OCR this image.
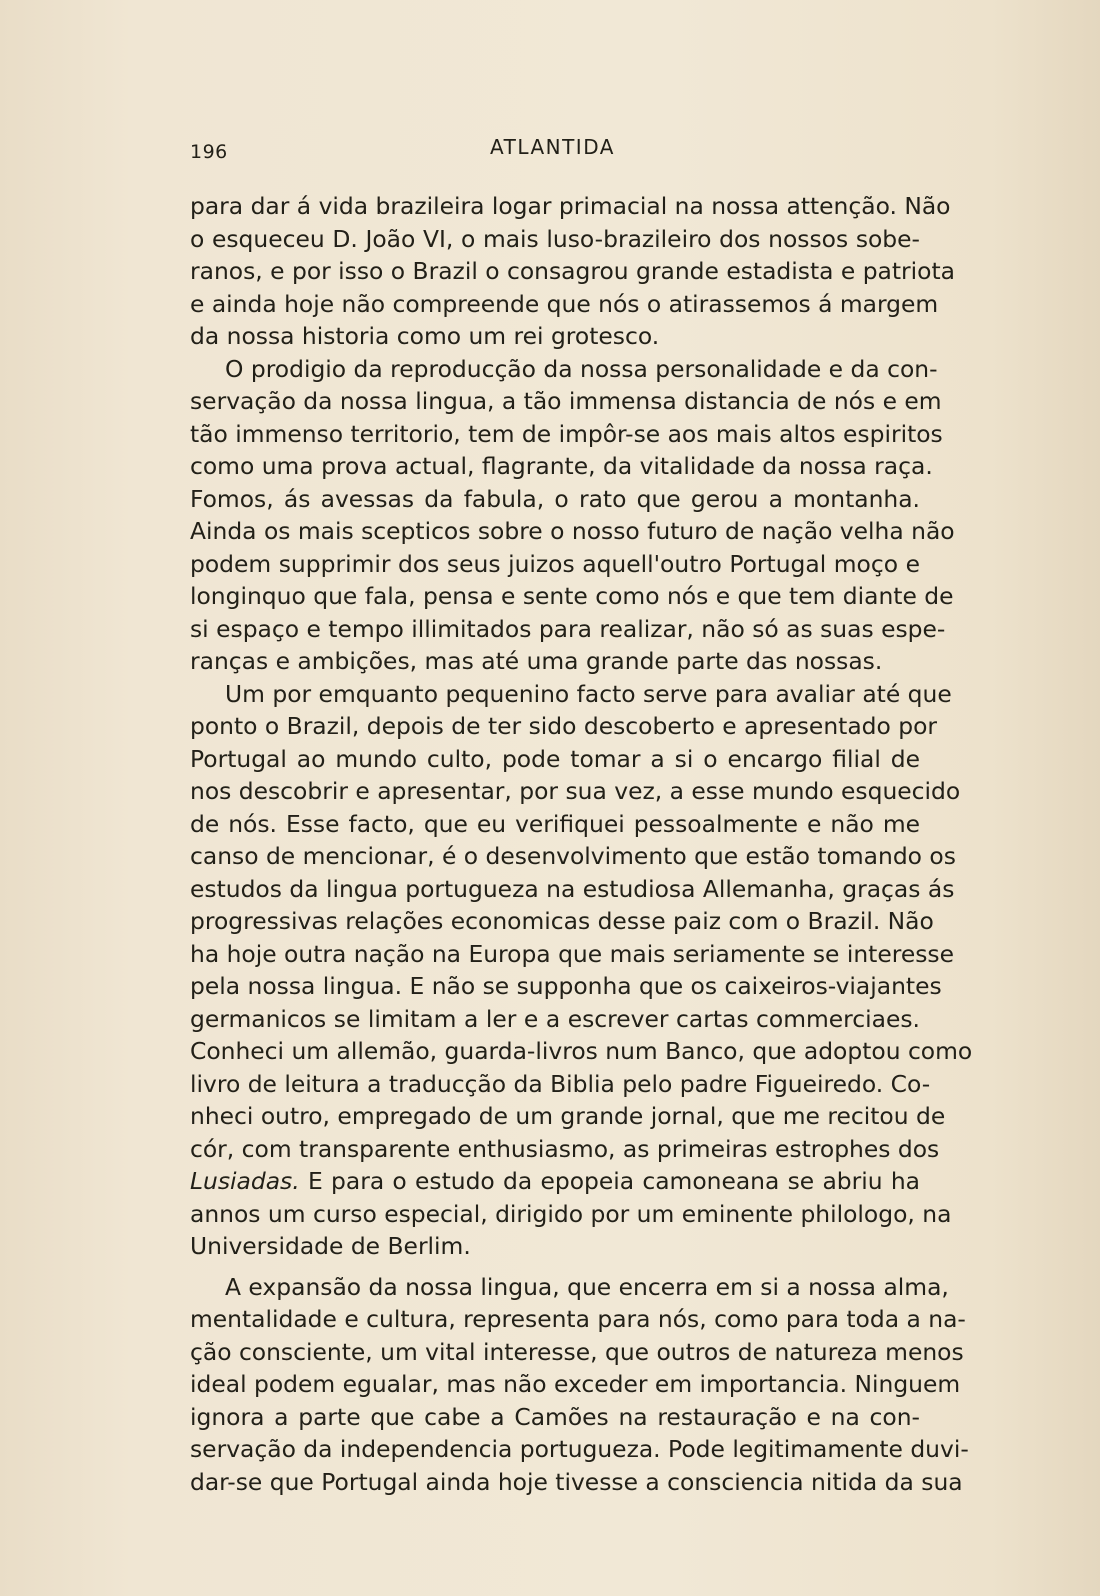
196	ATLANTIDA
para dar á vida brazileira logar primacial na nossa attenção. Não
o esqueceu D. João VI, o mais luso-brazileiro dos nossos sobe-
ranos, e por isso o Brazil o consagrou grande estadista e patriota
e ainda hoje não compreende que nós o atirassemos á margem
da nossa historia como um rei grotesco.
O prodigio da reproducção da nossa personalidade e da con-
servação da nossa lingua, a tão immensa distancia de nós e em
tão immenso territorio, tem de impôr-se aos mais altos espiritos
como uma prova actual, flagrante, da vitalidade da nossa raça.
Fomos, ás avessas da fabula, o rato que gerou a montanha.
Ainda os mais scepticos sobre o nosso futuro de nação velha não
podem supprimir dos seus juizos aquell'outro Portugal moço e
longinquo que fala, pensa e sente como nós e que tem diante de
si espaço e tempo illimitados para realizar, não só as suas espe-
ranças e ambições, mas até uma grande parte das nossas.
Um por emquanto pequenino facto serve para avaliar até que
ponto o Brazil, depois de ter sido descoberto e apresentado por
Portugal ao mundo culto, pode tomar a si o encargo filial de
nos descobrir e apresentar, por sua vez, a esse mundo esquecido
de nós. Esse facto, que eu verifiquei pessoalmente e não me
canso de mencionar, é o desenvolvimento que estão tomando os
estudos da lingua portugueza na estudiosa Allemanha, graças ás
progressivas relações economicas desse paiz com o Brazil. Não
ha hoje outra nação na Europa que mais seriamente se interesse
pela nossa lingua. E não se supponha que os caixeiros-viajantes
germanicos se limitam a ler e a escrever cartas commerciaes.
Conheci um allemão, guarda-livros num Banco, que adoptou como
livro de leitura a traducção da Biblia pelo padre Figueiredo. Co-
nheci outro, empregado de um grande jornal, que me recitou de
cór, com transparente enthusiasmo, as primeiras estrophes dos
Lusiadas. E para o estudo da epopeia camoneana se abriu ha
annos um curso especial, dirigido por um eminente philologo, na
Universidade de Berlim.
A expansão da nossa lingua, que encerra em si a nossa alma,
mentalidade e cultura, representa para nós, como para toda a na-
ção consciente, um vital interesse, que outros de natureza menos
ideal podem egualar, mas não exceder em importancia. Ninguem
ignora a parte que cabe a Camões na restauração e na con-
servação da independencia portugueza. Pode legitimamente duvi-
dar-se que Portugal ainda hoje tivesse a consciencia nitida da sua
